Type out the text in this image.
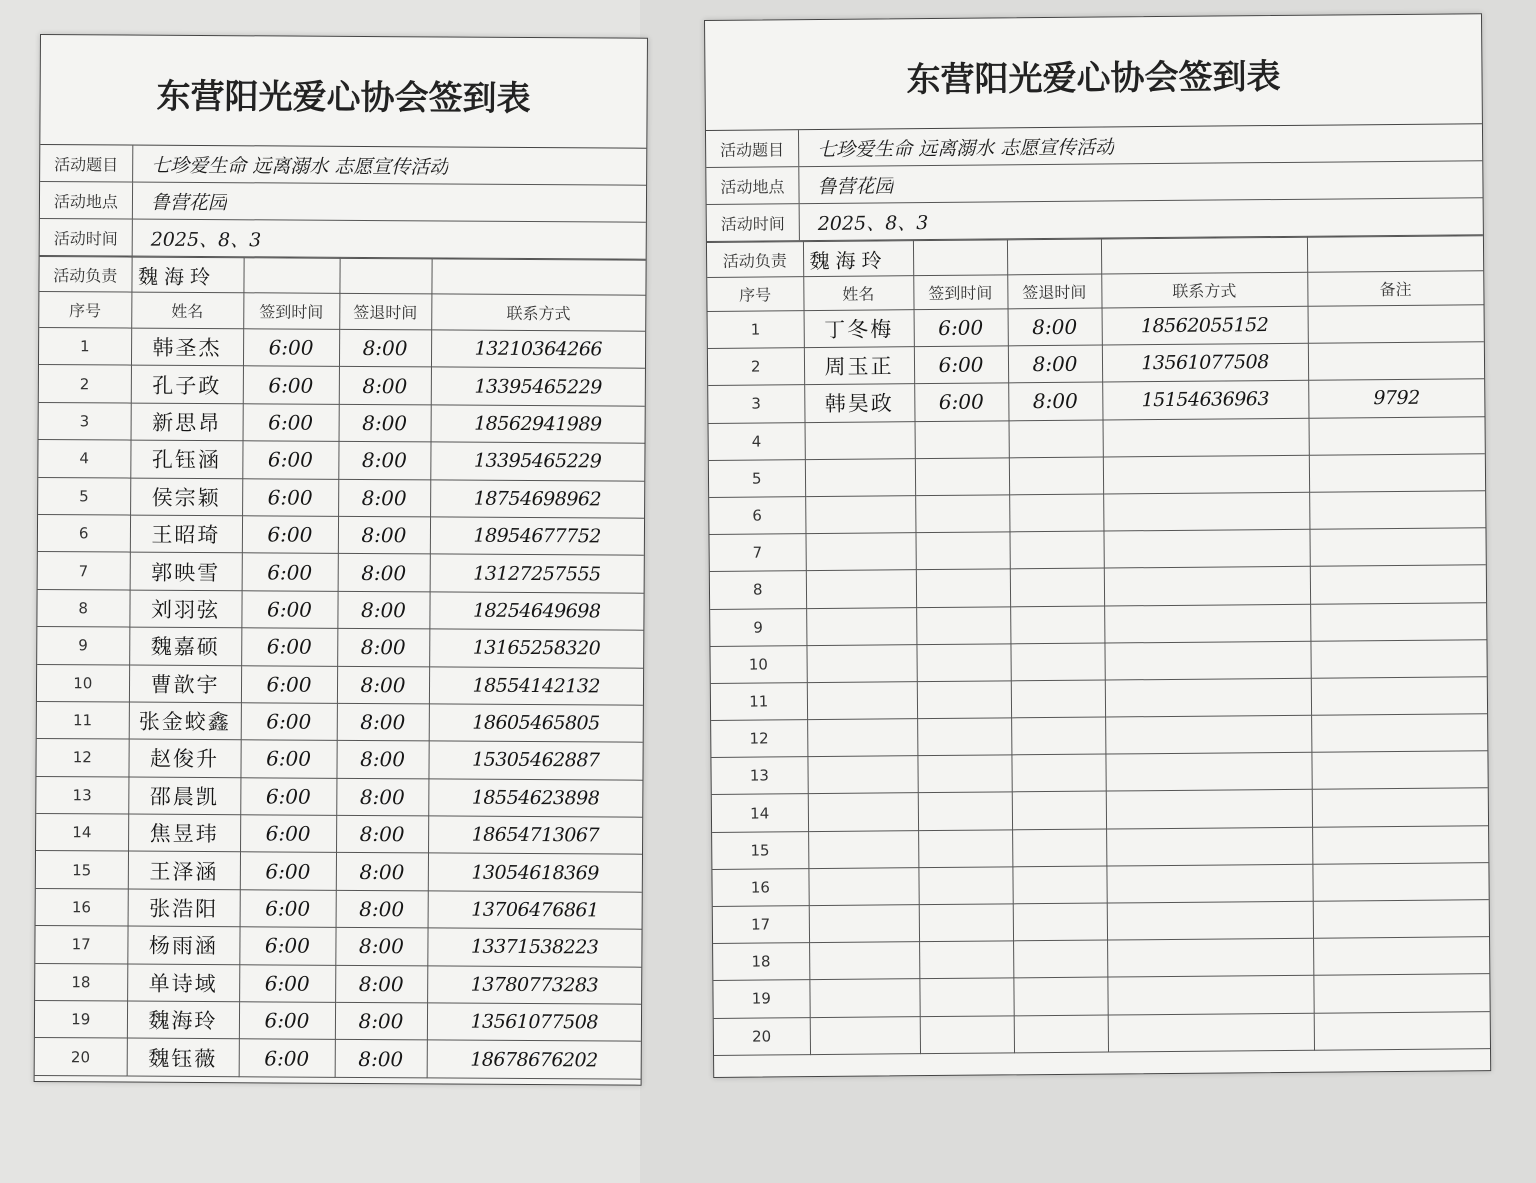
东营阳光爱心协会签到表
活动题目	七珍爱生命 远离溺水 志愿宣传活动
活动地点	鲁营花园
活动时间	2025、8、3
活动负责	魏海玲			
序号	姓名	签到时间	签退时间	联系方式
1	韩圣杰	6:00	8:00	13210364266
2	孔子政	6:00	8:00	13395465229
3	新思昂	6:00	8:00	18562941989
4	孔钰涵	6:00	8:00	13395465229
5	侯宗颖	6:00	8:00	18754698962
6	王昭琦	6:00	8:00	18954677752
7	郭映雪	6:00	8:00	13127257555
8	刘羽弦	6:00	8:00	18254649698
9	魏嘉硕	6:00	8:00	13165258320
10	曹歆宇	6:00	8:00	18554142132
11	张金蛟鑫	6:00	8:00	18605465805
12	赵俊升	6:00	8:00	15305462887
13	邵晨凯	6:00	8:00	18554623898
14	焦昱玮	6:00	8:00	18654713067
15	王泽涵	6:00	8:00	13054618369
16	张浩阳	6:00	8:00	13706476861
17	杨雨涵	6:00	8:00	13371538223
18	单诗域	6:00	8:00	13780773283
19	魏海玲	6:00	8:00	13561077508
20	魏钰薇	6:00	8:00	18678676202
东营阳光爱心协会签到表
活动题目	七珍爱生命 远离溺水 志愿宣传活动
活动地点	鲁营花园
活动时间	2025、8、3
活动负责	魏海玲				
序号	姓名	签到时间	签退时间	联系方式	备注
1	丁冬梅	6:00	8:00	18562055152	
2	周玉正	6:00	8:00	13561077508	
3	韩昊政	6:00	8:00	15154636963	9792
4					
5					
6					
7					
8					
9					
10					
11					
12					
13					
14					
15					
16					
17					
18					
19					
20					
